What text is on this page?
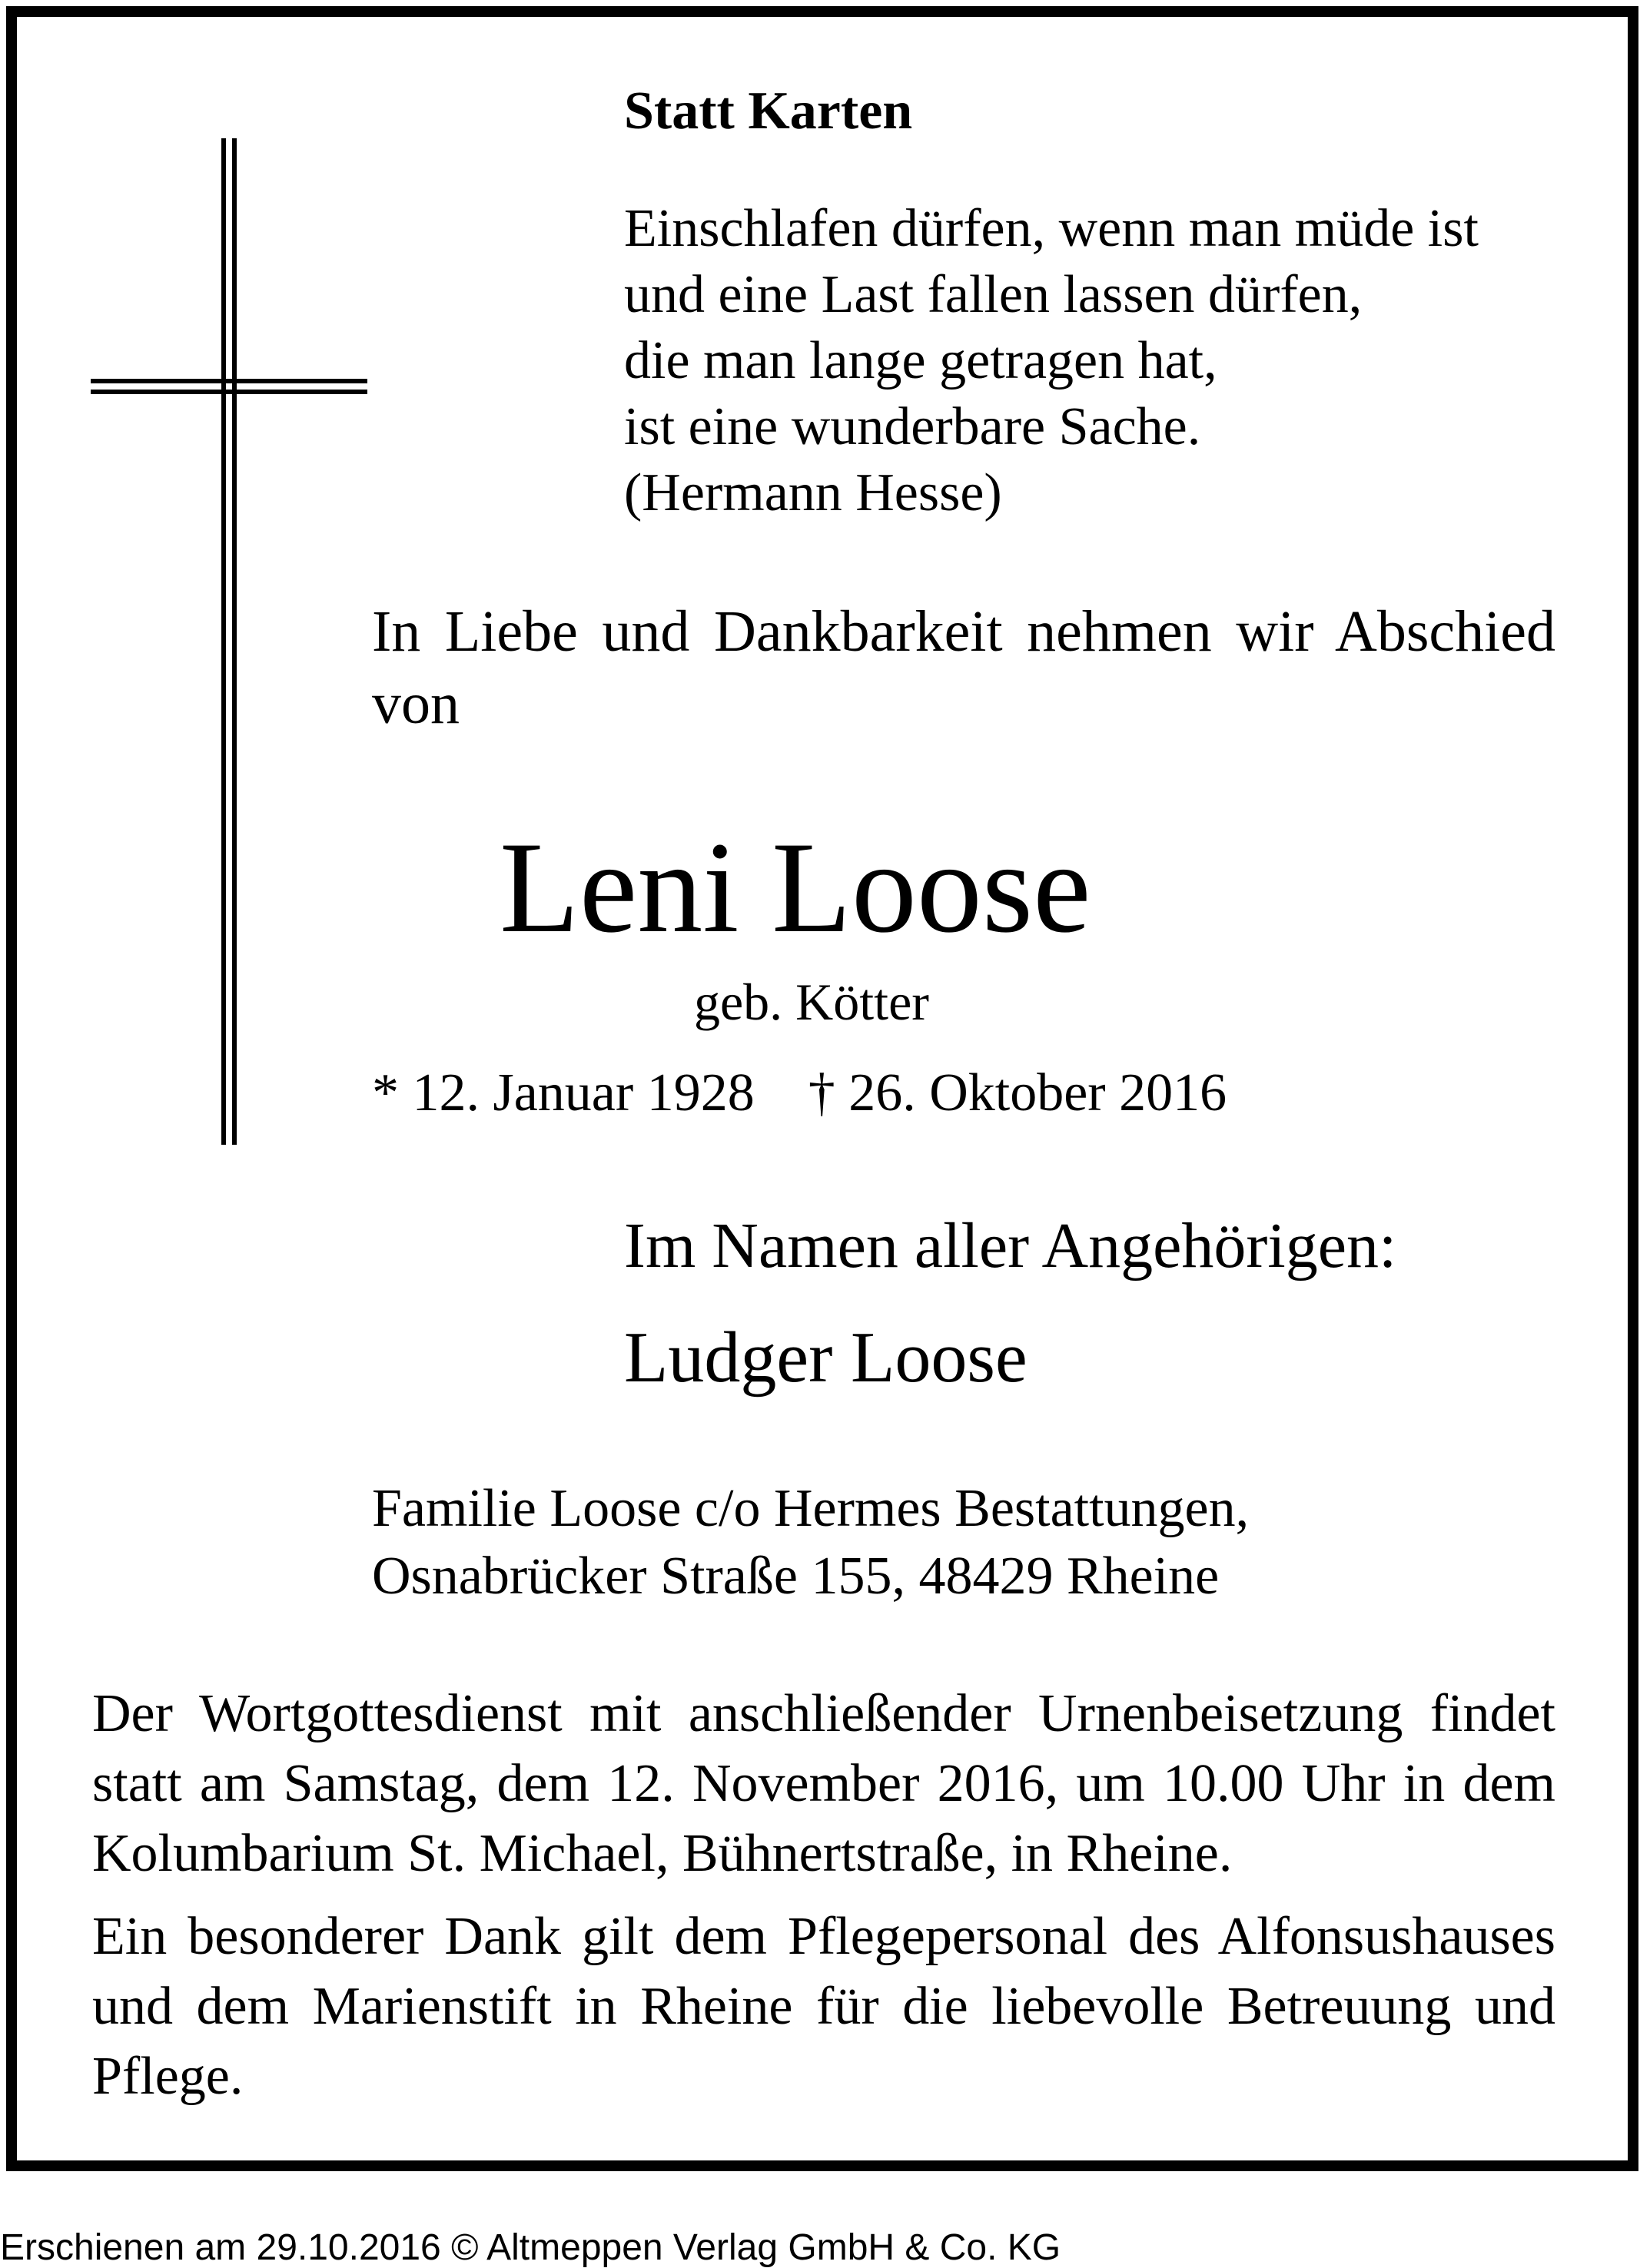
Statt Karten
Einschlafen dürfen, wenn man müde ist
und eine Last fallen lassen dürfen,
die man lange getragen hat,
ist eine wunderbare Sache.
(Hermann Hesse)
In Liebe und Dankbarkeit nehmen wir Abschied von
Leni Loose
geb. Kötter
* 12. Januar 1928 † 26. Oktober 2016
Im Namen aller Angehörigen:
Ludger Loose
Familie Loose c/o Hermes Bestattungen,
Osnabrücker Straße 155, 48429 Rheine
Der Wortgottesdienst mit anschließender Urnenbeisetzung findet statt am Samstag, dem 12. November 2016, um 10.00 Uhr in dem Kolumbarium St. Michael, Bühnertstraße, in Rheine.
Ein besonderer Dank gilt dem Pflegepersonal des Alfonsushauses und dem Marienstift in Rheine für die liebevolle Betreuung und Pflege.
Erschienen am 29.10.2016 © Altmeppen Verlag GmbH & Co. KG
